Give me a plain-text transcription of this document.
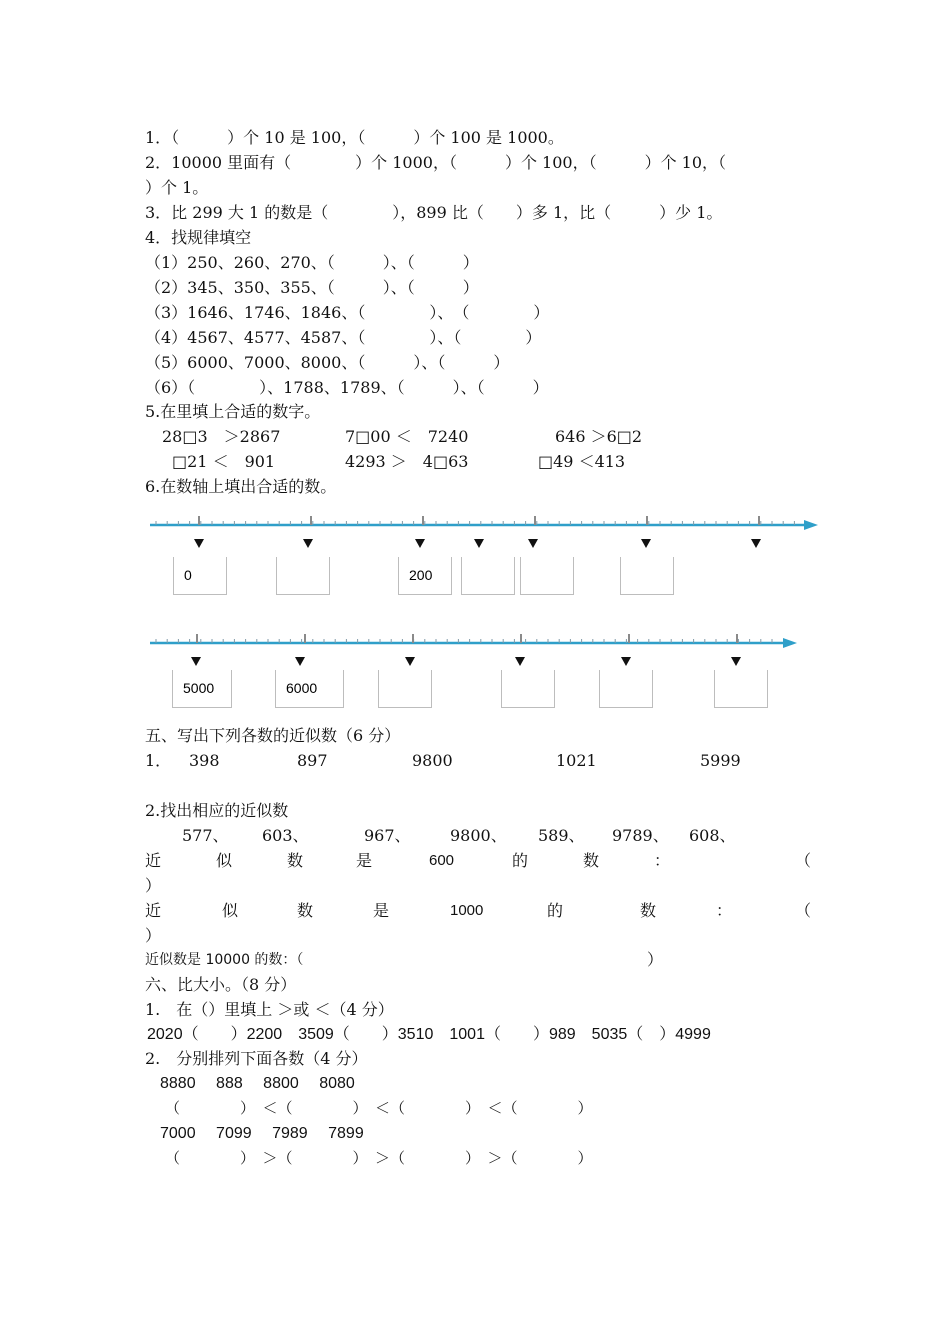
1．（　　　）个 10 是 100，（　　　）个 100 是 1000。
2．10000 里面有（　　　　）个 1000，（　　　）个 100，（　　　）个 10，（
）个 1。
3．比 299 大 1 的数是（　　　　），899 比（　　）多 1，比（　　　）少 1。
4．找规律填空
（1）250、260、270、（　　　）、（　　　）
（2）345、350、355、（　　　）、（　　　）
（3）1646、1746、1846、（　　　　）、　（　　　　）
（4）4567、4577、4587、（　　　　）、（　　　　）
（5）6000、7000、8000、（　　　）、（　　　）
（6）（　　　　）、1788、1789、（　　　）、（　　　）
5.在里填上合适的数字。
28□3　＞2867	7□00 ＜　7240	646 ＞6□2
□21 ＜　901	4293 ＞　4□63	□49 ＜413
6.在数轴上填出合适的数。
0	200
5000	6000
五、写出下列各数的近似数（6 分）
1． 398	897	9800	1021	5999
2.找出相应的近似数
577、 603、	967、 9800、 589、 9789、 608、
近	似	数	是	600	的	数	：	（
）
近	似	数	是	1000	的	数	：	（
）
近似数是 10000 的数：（	）
六、比大小。（8 分）
1.　在（）里填上 ＞或 ＜（4 分）
2020（　　）2200　3509（　　）3510　1001（　　）989　5035（　）4999
2.　分别排列下面各数（4 分）
8880　 888　 8800　 8080
（　　　　）　＜（　　　　）　＜（　　　　）　＜（　　　　）
7000　 7099　 7989　 7899
（　　　　）　＞（　　　　）　＞（　　　　）　＞（　　　　）
